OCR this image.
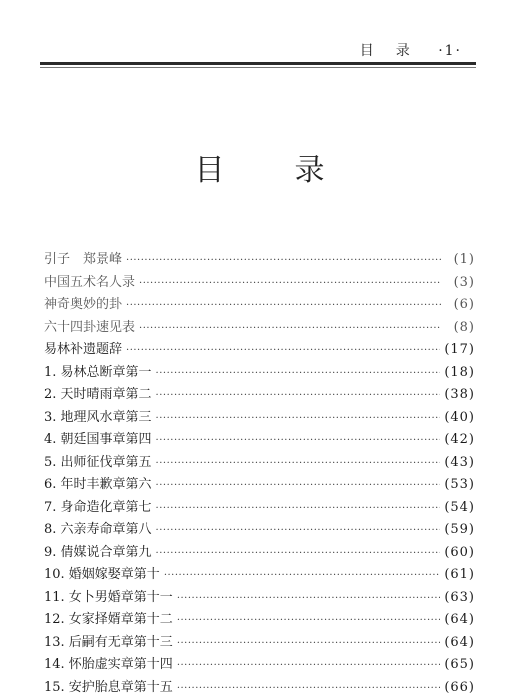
目录 ·1·
目录
引子　郑景峰 ·····	(1)
中国五术名人录 ·····	(3)
神奇奥妙的卦 ·····	(6)
六十四卦速见表 ·····	(8)
易林补遗题辞 ·····	(17)
1. 易林总断章第一 ·····	(18)
2. 天时晴雨章第二 ·····	(38)
3. 地理风水章第三 ·····	(40)
4. 朝廷国事章第四 ·····	(42)
5. 出师征伐章第五 ·····	(43)
6. 年时丰歉章第六 ·····	(53)
7. 身命造化章第七 ·····	(54)
8. 六亲寿命章第八 ·····	(59)
9. 倩媒说合章第九 ·····	(60)
10. 婚姻嫁娶章第十 ·····	(61)
11. 女卜男婚章第十一 ·····	(63)
12. 女家择婿章第十二 ·····	(64)
13. 后嗣有无章第十三 ·····	(64)
14. 怀胎虚实章第十四 ·····	(65)
15. 安护胎息章第十五 ·····	(66)
